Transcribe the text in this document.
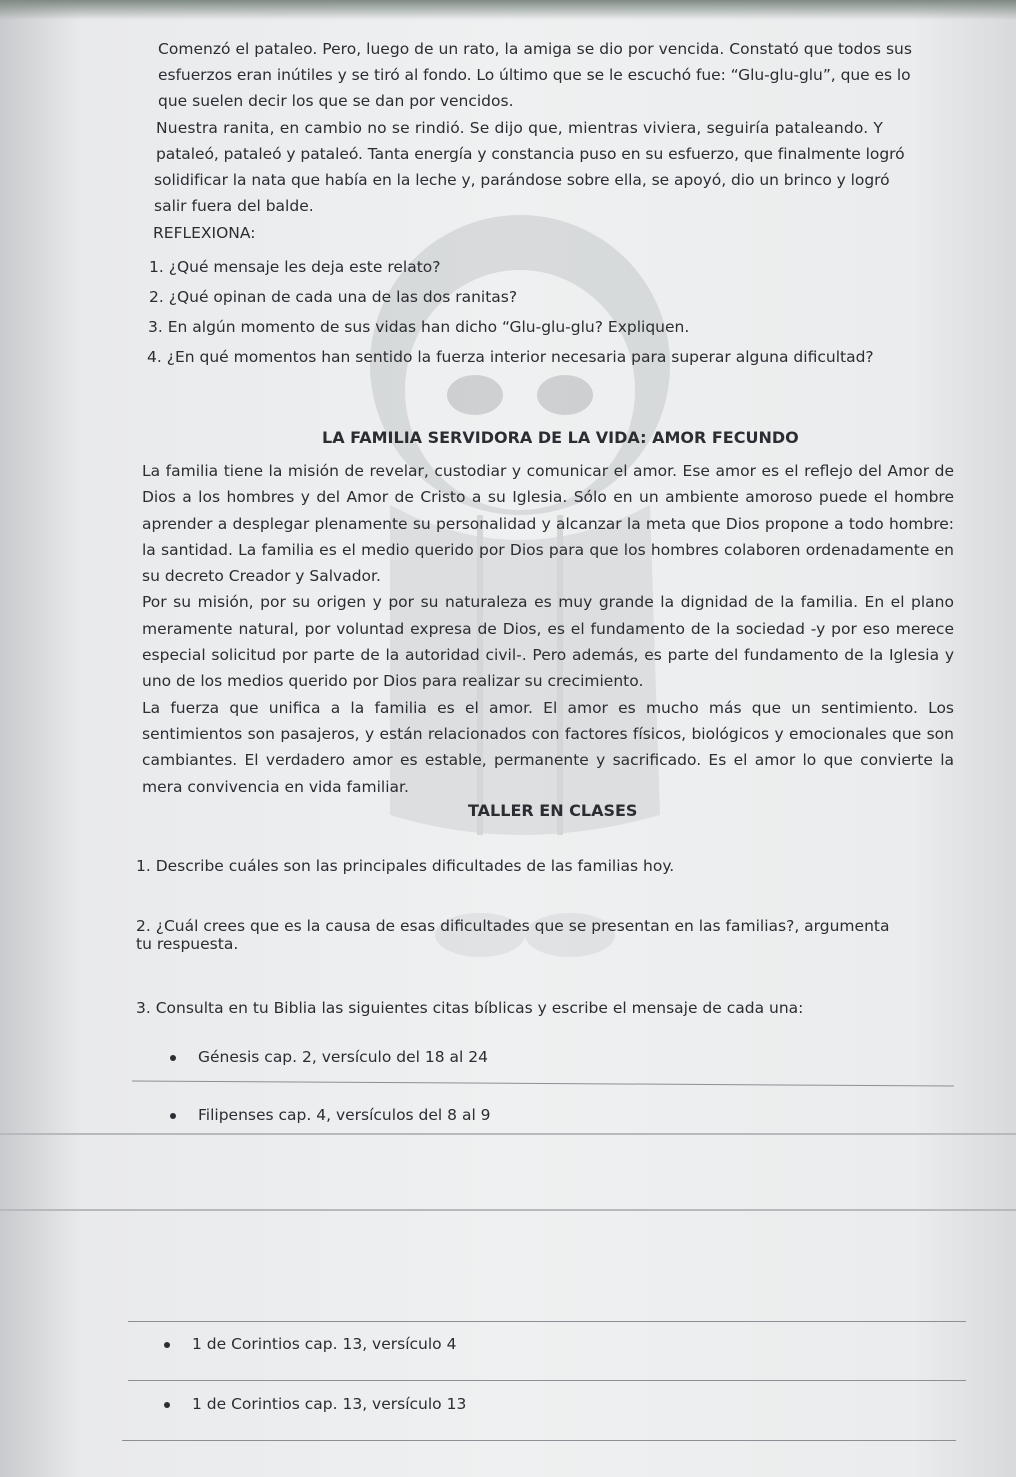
Comenzó el pataleo. Pero, luego de un rato, la amiga se dio por vencida. Constató que todos sus
esfuerzos eran inútiles y se tiró al fondo. Lo último que se le escuchó fue: “Glu-glu-glu”, que es lo
que suelen decir los que se dan por vencidos.
Nuestra ranita, en cambio no se rindió. Se dijo que, mientras viviera, seguiría pataleando. Y
pataleó, pataleó y pataleó. Tanta energía y constancia puso en su esfuerzo, que finalmente logró
solidificar la nata que había en la leche y, parándose sobre ella, se apoyó, dio un brinco y logró
salir fuera del balde.
REFLEXIONA:
1. ¿Qué mensaje les deja este relato?
2. ¿Qué opinan de cada una de las dos ranitas?
3. En algún momento de sus vidas han dicho “Glu-glu-glu? Expliquen.
4. ¿En qué momentos han sentido la fuerza interior necesaria para superar alguna dificultad?
LA FAMILIA SERVIDORA DE LA VIDA: AMOR FECUNDO

La familia tiene la misión de revelar, custodiar y comunicar el amor. Ese amor es el reflejo del Amor de Dios a los hombres y del Amor de Cristo a su Iglesia. Sólo en un ambiente amoroso puede el hombre aprender a desplegar plenamente su personalidad y alcanzar la meta que Dios propone a todo hombre: la santidad. La familia es el medio querido por Dios para que los hombres colaboren ordenadamente en su decreto Creador y Salvador.

Por su misión, por su origen y por su naturaleza es muy grande la dignidad de la familia. En el plano meramente natural, por voluntad expresa de Dios, es el fundamento de la sociedad -y por eso merece especial solicitud por parte de la autoridad civil-. Pero además, es parte del fundamento de la Iglesia y uno de los medios querido por Dios para realizar su crecimiento.

La fuerza que unifica a la familia es el amor. El amor es mucho más que un sentimiento. Los sentimientos son pasajeros, y están relacionados con factores físicos, biológicos y emocionales que son cambiantes. El verdadero amor es estable, permanente y sacrificado. Es el amor lo que convierte la mera convivencia en vida familiar.

TALLER EN CLASES
1. Describe cuáles son las principales dificultades de las familias hoy.
2. ¿Cuál crees que es la causa de esas dificultades que se presentan en las familias?, argumenta
tu respuesta.
3. Consulta en tu Biblia las siguientes citas bíblicas y escribe el mensaje de cada una:
Génesis cap. 2, versículo del 18 al 24
Filipenses cap. 4, versículos del 8 al 9
1 de Corintios cap. 13, versículo 4
1 de Corintios cap. 13, versículo 13
